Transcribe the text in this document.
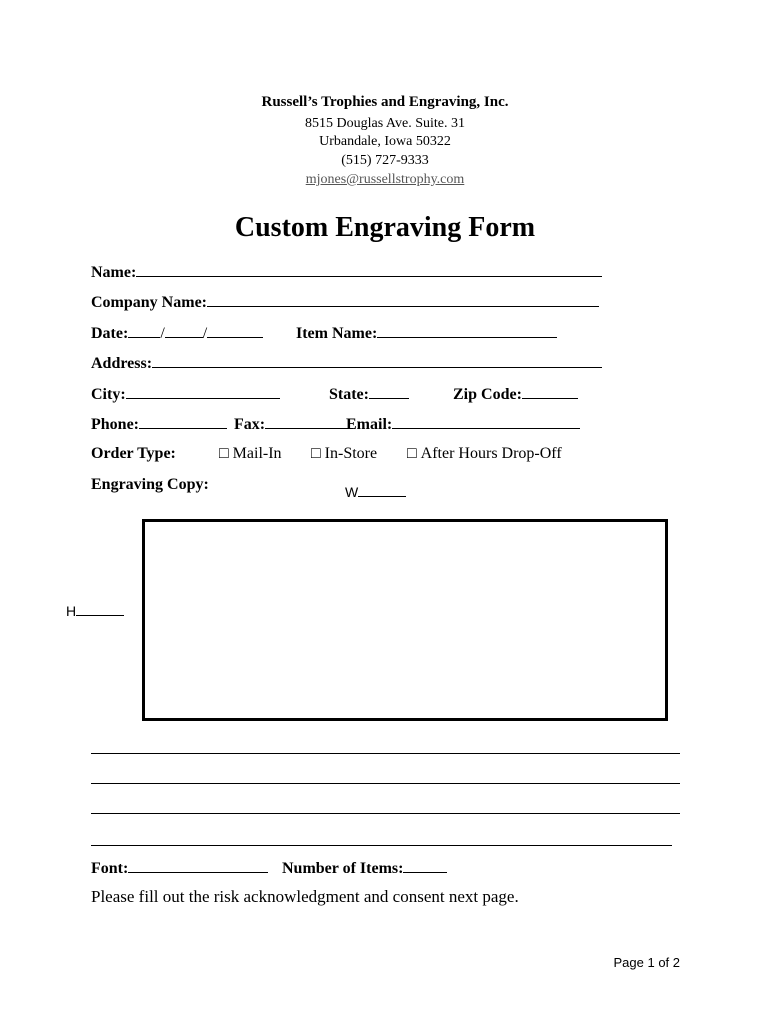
Russell’s Trophies and Engraving, Inc.
8515 Douglas Ave. Suite. 31
Urbandale, Iowa 50322
(515) 727-9333
mjones@russellstrophy.com
Custom Engraving Form
Name:
Company Name:
Date: / /	Item Name:
Address:
City:	State:	Zip Code:
Phone:	Fax:	Email:
Order Type:	□ Mail-In □ In-Store □ After Hours Drop-Off
Engraving Copy:	W
H
Font:	Number of Items:
Please fill out the risk acknowledgment and consent next page.
Page 1 of 2
